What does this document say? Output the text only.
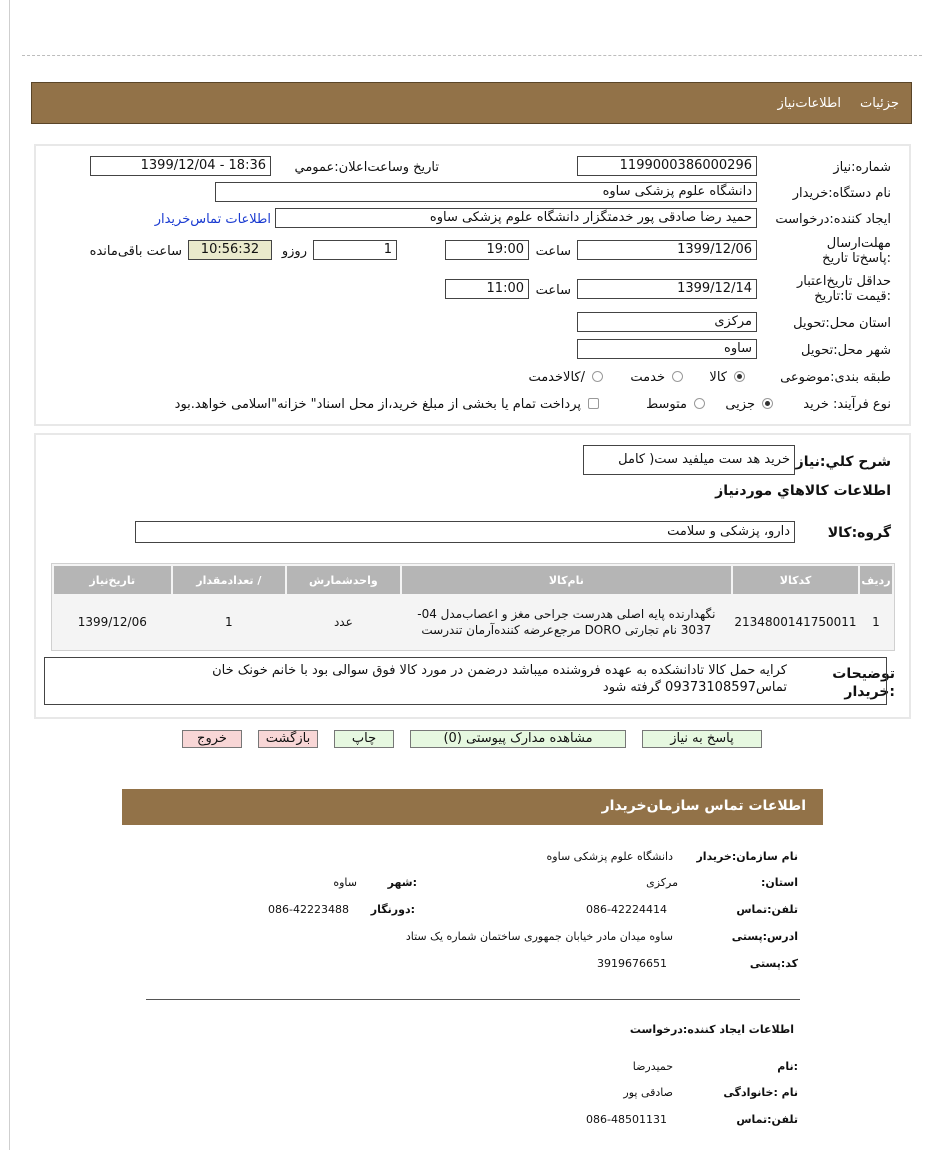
جزئیات
اطلاعات‌نیاز
شماره:نیاز
1199000386000296
تاریخ وساعت‌اعلان:عمومي
1399/12/04 - 18:36
نام دستگاه:خریدار
دانشگاه علوم پزشکی ساوه
ایجاد کننده:درخواست
حمید رضا صادقی پور خدمتگزار دانشگاه علوم پزشکی ساوه
اطلاعات تماس‌خریدار
مهلت‌ارسال :پاسخ‌تا تاریخ
1399/12/06
ساعت
19:00
1
روزو
10:56:32
ساعت باقی‌مانده
حداقل تاریخ‌اعتبار :قیمت تا:تاریخ
1399/12/14
ساعت
11:00
استان محل:تحویل
مرکزی
شهر محل:تحویل
ساوه
طبقه بندی:موضوعی
کالا
خدمت
/کالاخدمت
نوع فرآیند: خرید
جزیی
متوسط
پرداخت تمام یا بخشی از مبلغ خرید،از محل اسناد" خزانه"اسلامی خواهد.بود
شرح کلي:نياز
خرید هد ست میلفید ست( کامل
اطلاعات کالاهاي موردنياز
گروه:کالا
دارو، پزشکی و سلامت
ردیف	کدکالا	نام‌کالا	واحدشمارش	/ تعدادمقدار	تاریخ‌نیاز
1	2134800141750011	نگهدارنده پایه اصلی هدرست جراحی مغز و اعصاب‌مدل 04-3037 نام تجارتی DORO مرجع‌عرضه کننده‌آرمان تندرست	عدد	1	1399/12/06
توضیحات :خریدار
کرایه حمل کالا تادانشکده به عهده فروشنده میباشد درضمن در مورد کالا فوق سوالی بود با خانم خونک خان تماس09373108597 گرفته شود
پاسخ به نیاز
مشاهده مدارک پیوستی (0)
چاپ
بازگشت
خروج
اطلاعات تماس سازمان‌خریدار
نام سازمان:خریدار
دانشگاه علوم پزشکی ساوه
استان:
مرکزی
:شهر
ساوه
تلفن:تماس
086-42224414
:دورنگار
086-42223488
ادرس:پستی
ساوه میدان مادر خیابان جمهوری ساختمان شماره یک ستاد
کد:پستی
3919676651
اطلاعات ایجاد کننده:درخواست
:نام
حمیدرضا
نام :خانوادگی
صادقی پور
تلفن:تماس
086-48501131
